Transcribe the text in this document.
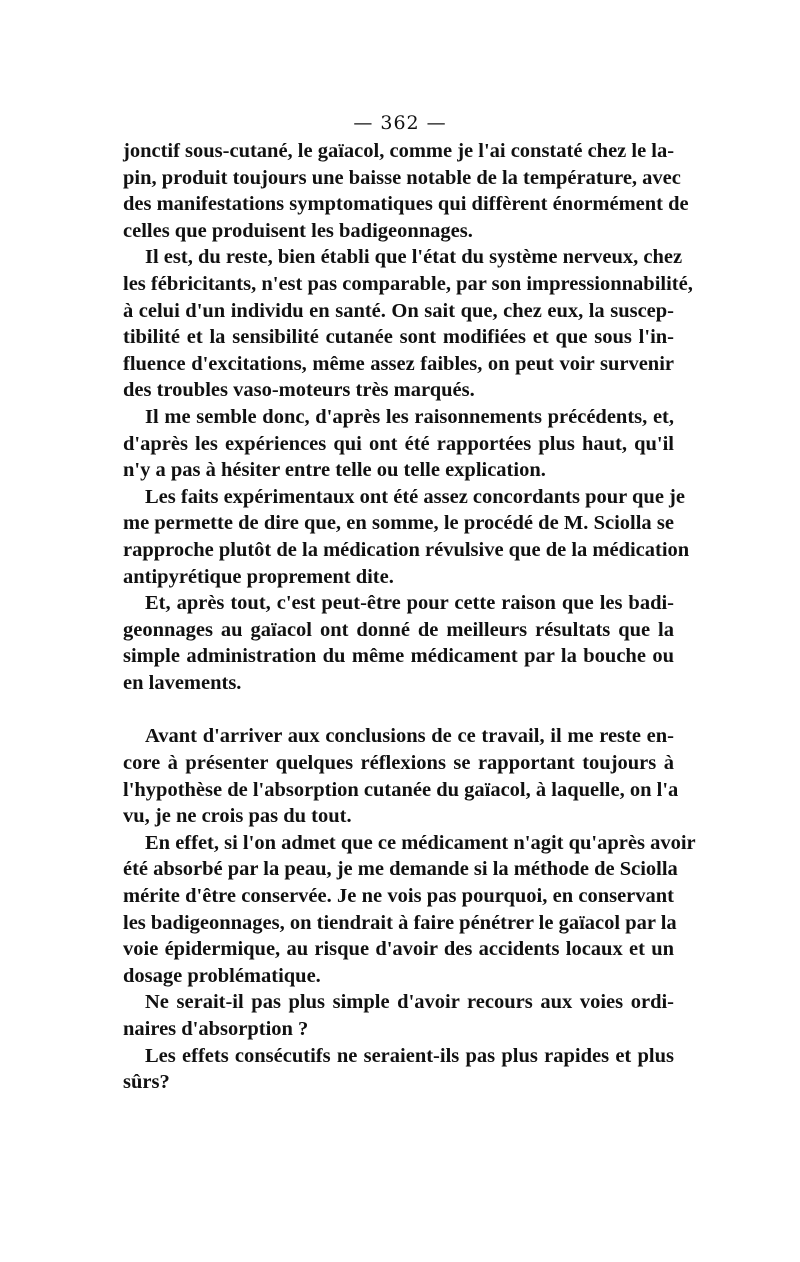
— 362 —

jonctif sous-cutané, le gaïacol, comme je l'ai constaté chez le la-
pin, produit toujours une baisse notable de la température, avec
des manifestations symptomatiques qui diffèrent énormément de
celles que produisent les badigeonnages.
Il est, du reste, bien établi que l'état du système nerveux, chez
les fébricitants, n'est pas comparable, par son impressionnabilité,
à celui d'un individu en santé. On sait que, chez eux, la suscep-
tibilité et la sensibilité cutanée sont modifiées et que sous l'in-
fluence d'excitations, même assez faibles, on peut voir survenir
des troubles vaso-moteurs très marqués.
Il me semble donc, d'après les raisonnements précédents, et,
d'après les expériences qui ont été rapportées plus haut, qu'il
n'y a pas à hésiter entre telle ou telle explication.
Les faits expérimentaux ont été assez concordants pour que je
me permette de dire que, en somme, le procédé de M. Sciolla se
rapproche plutôt de la médication révulsive que de la médication
antipyrétique proprement dite.
Et, après tout, c'est peut-être pour cette raison que les badi-
geonnages au gaïacol ont donné de meilleurs résultats que la
simple administration du même médicament par la bouche ou
en lavements.
Avant d'arriver aux conclusions de ce travail, il me reste en-
core à présenter quelques réflexions se rapportant toujours à
l'hypothèse de l'absorption cutanée du gaïacol, à laquelle, on l'a
vu, je ne crois pas du tout.
En effet, si l'on admet que ce médicament n'agit qu'après avoir
été absorbé par la peau, je me demande si la méthode de Sciolla
mérite d'être conservée. Je ne vois pas pourquoi, en conservant
les badigeonnages, on tiendrait à faire pénétrer le gaïacol par la
voie épidermique, au risque d'avoir des accidents locaux et un
dosage problématique.
Ne serait-il pas plus simple d'avoir recours aux voies ordi-
naires d'absorption ?
Les effets consécutifs ne seraient-ils pas plus rapides et plus
sûrs?
